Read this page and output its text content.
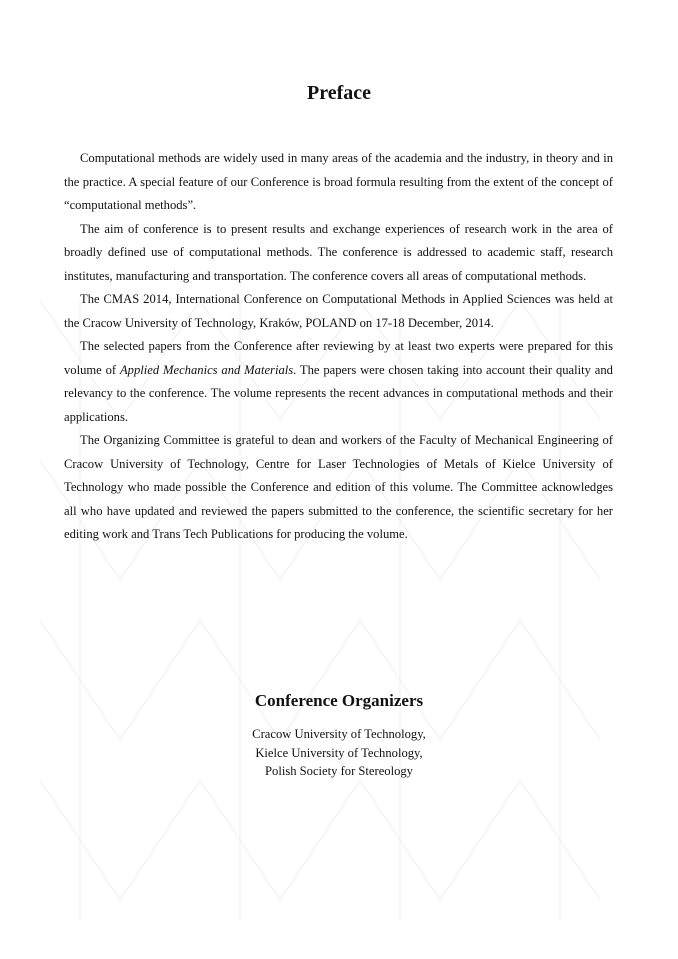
Preface

Computational methods are widely used in many areas of the academia and the industry, in theory and in the practice. A special feature of our Conference is broad formula resulting from the extent of the concept of “computational methods”.

The aim of conference is to present results and exchange experiences of research work in the area of broadly defined use of computational methods. The conference is addressed to academic staff, research institutes, manufacturing and transportation. The conference covers all areas of computational methods.

The CMAS 2014, International Conference on Computational Methods in Applied Sciences was held at the Cracow University of Technology, Kraków, POLAND on 17-18 December, 2014.

The selected papers from the Conference after reviewing by at least two experts were prepared for this volume of Applied Mechanics and Materials. The papers were chosen taking into account their quality and relevancy to the conference. The volume represents the recent advances in computational methods and their applications.

The Organizing Committee is grateful to dean and workers of the Faculty of Mechanical Engineering of Cracow University of Technology, Centre for Laser Technologies of Metals of Kielce University of Technology who made possible the Conference and edition of this volume. The Committee acknowledges all who have updated and reviewed the papers submitted to the conference, the scientific secretary for her editing work and Trans Tech Publications for producing the volume.

Conference Organizers
Cracow University of Technology,
Kielce University of Technology,
Polish Society for Stereology
